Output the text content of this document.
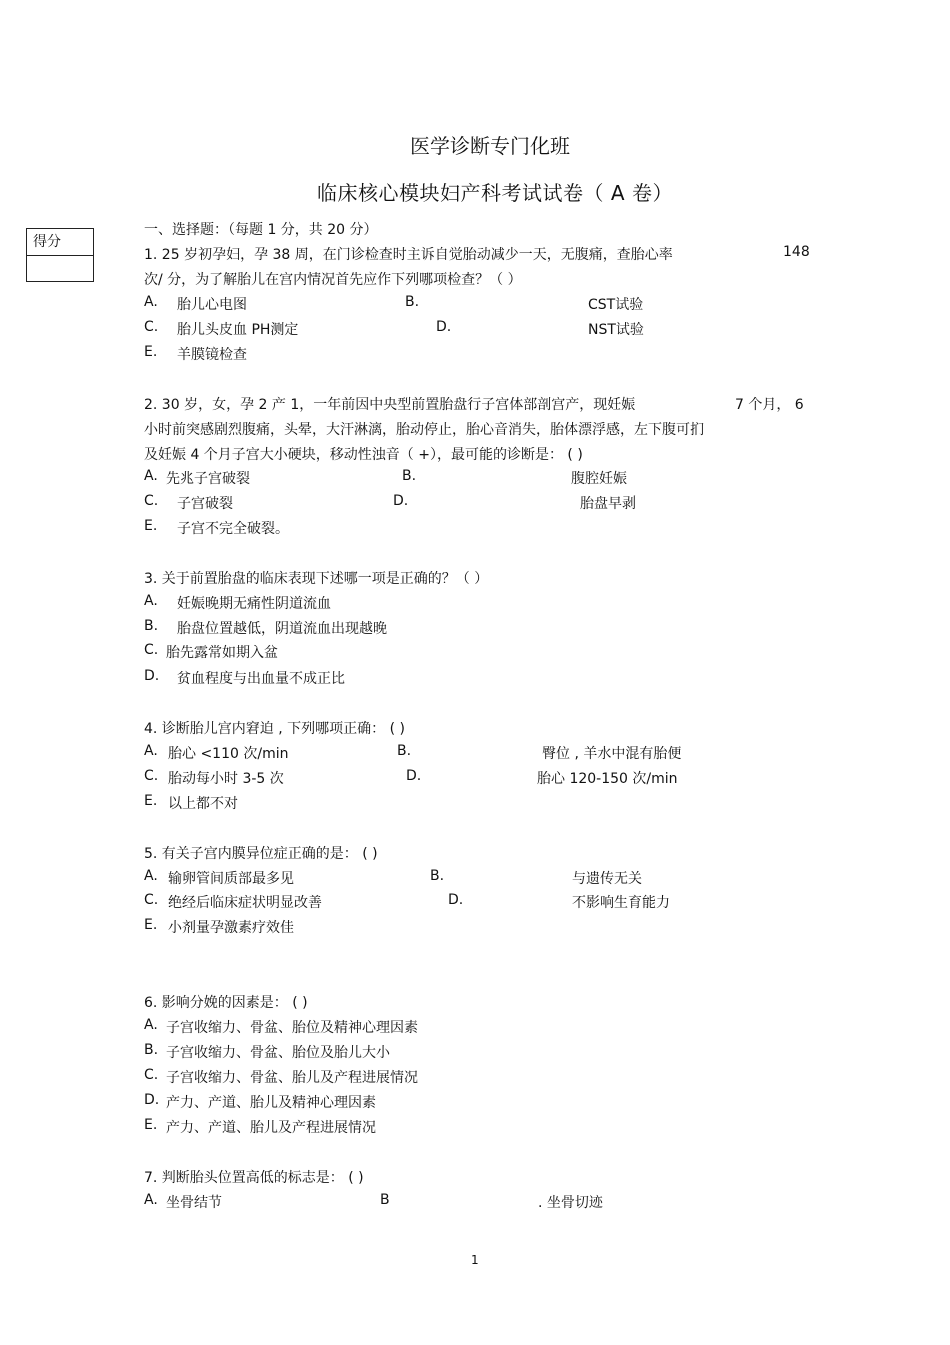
医学诊断专门化班
临床核心模块妇产科考试试卷（ A 卷）
得分
一、选择题：（每题 1 分，共 20 分）
1. 25 岁初孕妇，孕 38 周，在门诊检查时主诉自觉胎动减少一天，无腹痛，查胎心率	148
次/ 分，为了解胎儿在宫内情况首先应作下列哪项检查？（ ）
A. 胎儿心电图	B.	CST试验
C. 胎儿头皮血 PH测定	D.	NST试验
E. 羊膜镜检查
2. 30 岁，女，孕 2 产 1，一年前因中央型前置胎盘行子宫体部剖宫产，现妊娠	7 个月， 6
小时前突感剧烈腹痛，头晕，大汗淋漓，胎动停止，胎心音消失，胎体漂浮感，左下腹可扪
及妊娠 4 个月子宫大小硬块，移动性浊音（ +），最可能的诊断是： ( )
A. 先兆子宫破裂	B.	腹腔妊娠
C. 子宫破裂	D.	胎盘早剥
E. 子宫不完全破裂。
3. 关于前置胎盘的临床表现下述哪一项是正确的？（ ）
A. 妊娠晚期无痛性阴道流血
B. 胎盘位置越低，阴道流血出现越晚
C. 胎先露常如期入盆
D. 贫血程度与出血量不成正比
4. 诊断胎儿宫内窘迫 , 下列哪项正确： ( )
A. 胎心 <110 次/min	B.	臀位 , 羊水中混有胎便
C. 胎动每小时 3-5 次	D.	胎心 120-150 次/min
E. 以上都不对
5. 有关子宫内膜异位症正确的是： ( )
A. 输卵管间质部最多见	B.	与遗传无关
C. 绝经后临床症状明显改善	D.	不影响生育能力
E. 小剂量孕激素疗效佳
6. 影响分娩的因素是： ( )
A. 子宫收缩力、骨盆、胎位及精神心理因素
B. 子宫收缩力、骨盆、胎位及胎儿大小
C. 子宫收缩力、骨盆、胎儿及产程进展情况
D. 产力、产道、胎儿及精神心理因素
E. 产力、产道、胎儿及产程进展情况
7. 判断胎头位置高低的标志是： ( )
A. 坐骨结节	B	. 坐骨切迹
1
